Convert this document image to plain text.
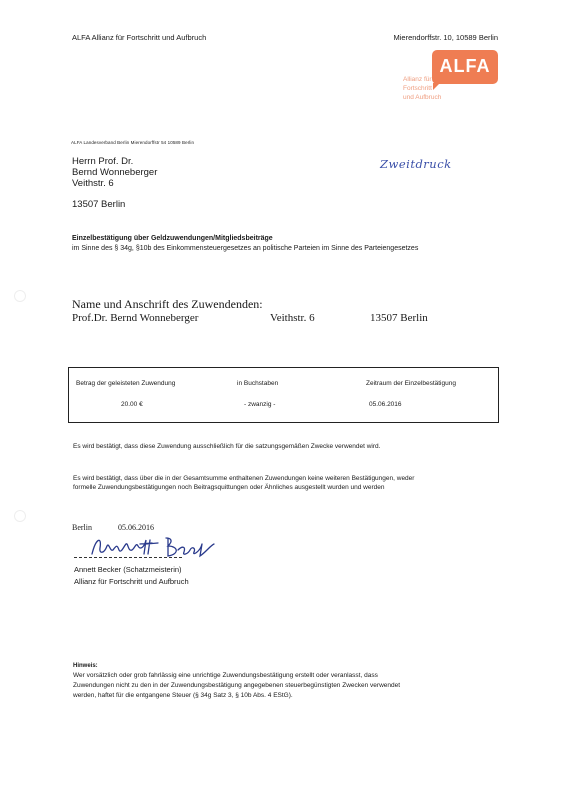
ALFA Allianz für Fortschritt und Aufbruch	Mierendorffstr. 10, 10589 Berlin
ALFA
Allianz für
Fortschritt
und Aufbruch
ALFA Landesverband Berlin Mierendorffstr 54 10589 Berlin
Herrn Prof. Dr.
Bernd Wonneberger
Veithstr. 6
13507 Berlin
Zweitdruck
Einzelbestätigung über Geldzuwendungen/Mitgliedsbeiträge
im Sinne des § 34g, §10b des Einkommensteuergesetzes an politische Parteien im Sinne des Parteiengesetzes
Name und Anschrift des Zuwendenden:
Prof.Dr. Bernd Wonneberger	Veithstr. 6	13507 Berlin
Betrag der geleisteten Zuwendung	in Buchstaben	Zeitraum der Einzelbestätigung
20.00 €	- zwanzig -	05.06.2016
Es wird bestätigt, dass diese Zuwendung ausschließlich für die satzungsgemäßen Zwecke verwendet wird.
Es wird bestätigt, dass über die in der Gesamtsumme enthaltenen Zuwendungen keine weiteren Bestätigungen, weder
formelle Zuwendungsbestätigungen noch Beitragsquittungen oder Ähnliches ausgestellt wurden und werden
Berlin	05.06.2016
Annett Becker (Schatzmeisterin)
Allianz für Fortschritt und Aufbruch
Hinweis:
Wer vorsätzlich oder grob fahrlässig eine unrichtige Zuwendungsbestätigung erstellt oder veranlasst, dass
Zuwendungen nicht zu den in der Zuwendungsbestätigung angegebenen steuerbegünstigten Zwecken verwendet
werden, haftet für die entgangene Steuer (§ 34g Satz 3, § 10b Abs. 4 EStG).
